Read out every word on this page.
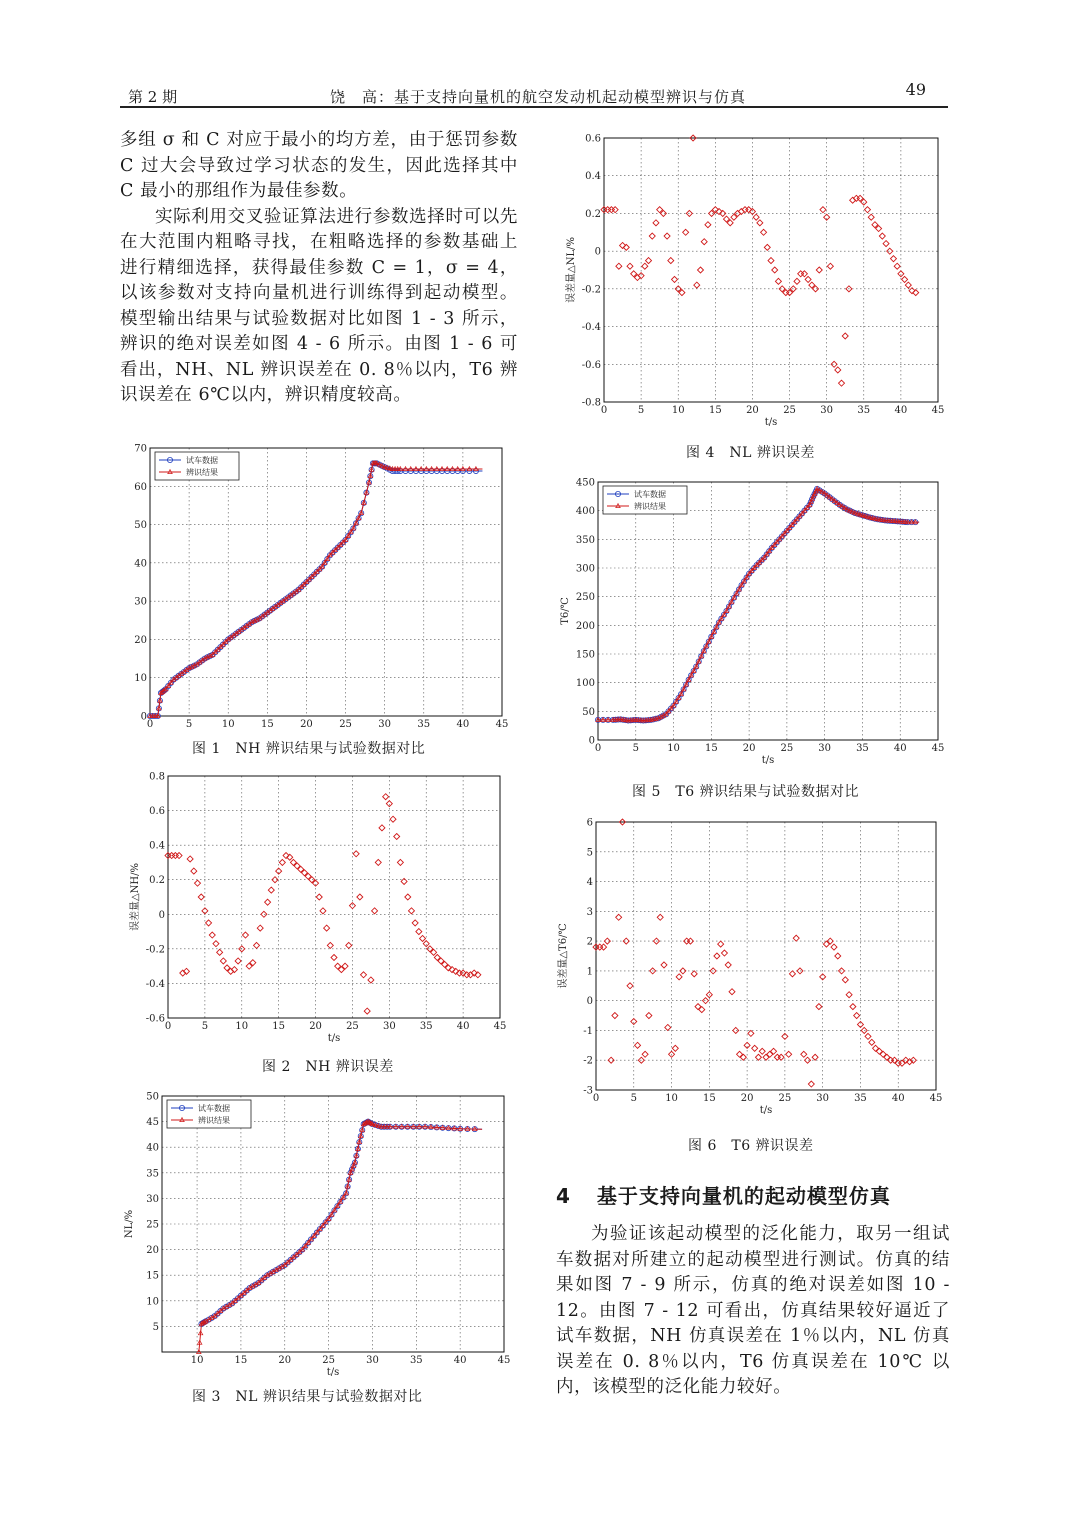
第 2 期	饶　高：基于支持向量机的航空发动机起动模型辨识与仿真	49

多组 σ 和 C 对应于最小的均方差，由于惩罚参数 C 过大会导致过学习状态的发生，因此选择其中 C 最小的那组作为最佳参数。

实际利用交叉验证算法进行参数选择时可以先在大范围内粗略寻找，在粗略选择的参数基础上进行精细选择，获得最佳参数 C = 1，σ = 4，以该参数对支持向量机进行训练得到起动模型。模型输出结果与试验数据对比如图 1 - 3 所示，辨识的绝对误差如图 4 - 6 所示。由图 1 - 6 可看出，NH、NL 辨识误差在 0. 8％以内，T6 辨识误差在 6℃以内，辨识精度较高。

0	5	10	15	20	25	30	35	40	45
0
10
20
30
40
50
60
70
试车数据
辨识结果
图 1　NH 辨识结果与试验数据对比
0	5	10 15 20 25 30 35 40 45
-0.6
-0.4
-0.2
0
0.2
0.4
0.6
0.8
t/s
误差量△NH/%
图 2　NH 辨识误差
10	15	20	25	30	35	40	45
5
10
15
20
25
30
35
40
45
50
t/s
NL/%
试车数据
辨识结果
图 3　NL 辨识结果与试验数据对比
0	5	10 15 20 25 30 35 40 45
-0.8
-0.6
-0.4
-0.2
0
0.2
0.4
0.6
t/s
误差量△NL/%
图 4　NL 辨识误差
0	5	10	15	20	25	30	35	40	45
0
50
100
150
200
250
300
350
400
450
t/s
T6/℃
试车数据
辨识结果
图 5　T6 辨识结果与试验数据对比
0	5	10	15	20	25	30	35	40	45
-3
-2
-1
0
1
2
3
4
5
6
t/s
误差量△T6/℃
图 6　T6 辨识误差
4 基于支持向量机的起动模型仿真

为验证该起动模型的泛化能力，取另一组试车数据对所建立的起动模型进行测试。仿真的结果如图 7 - 9 所示，仿真的绝对误差如图 10 - 12。由图 7 - 12 可看出，仿真结果较好逼近了试车数据，NH 仿真误差在 1％以内，NL 仿真误差在 0. 8％以内，T6 仿真误差在 10℃ 以内，该模型的泛化能力较好。
